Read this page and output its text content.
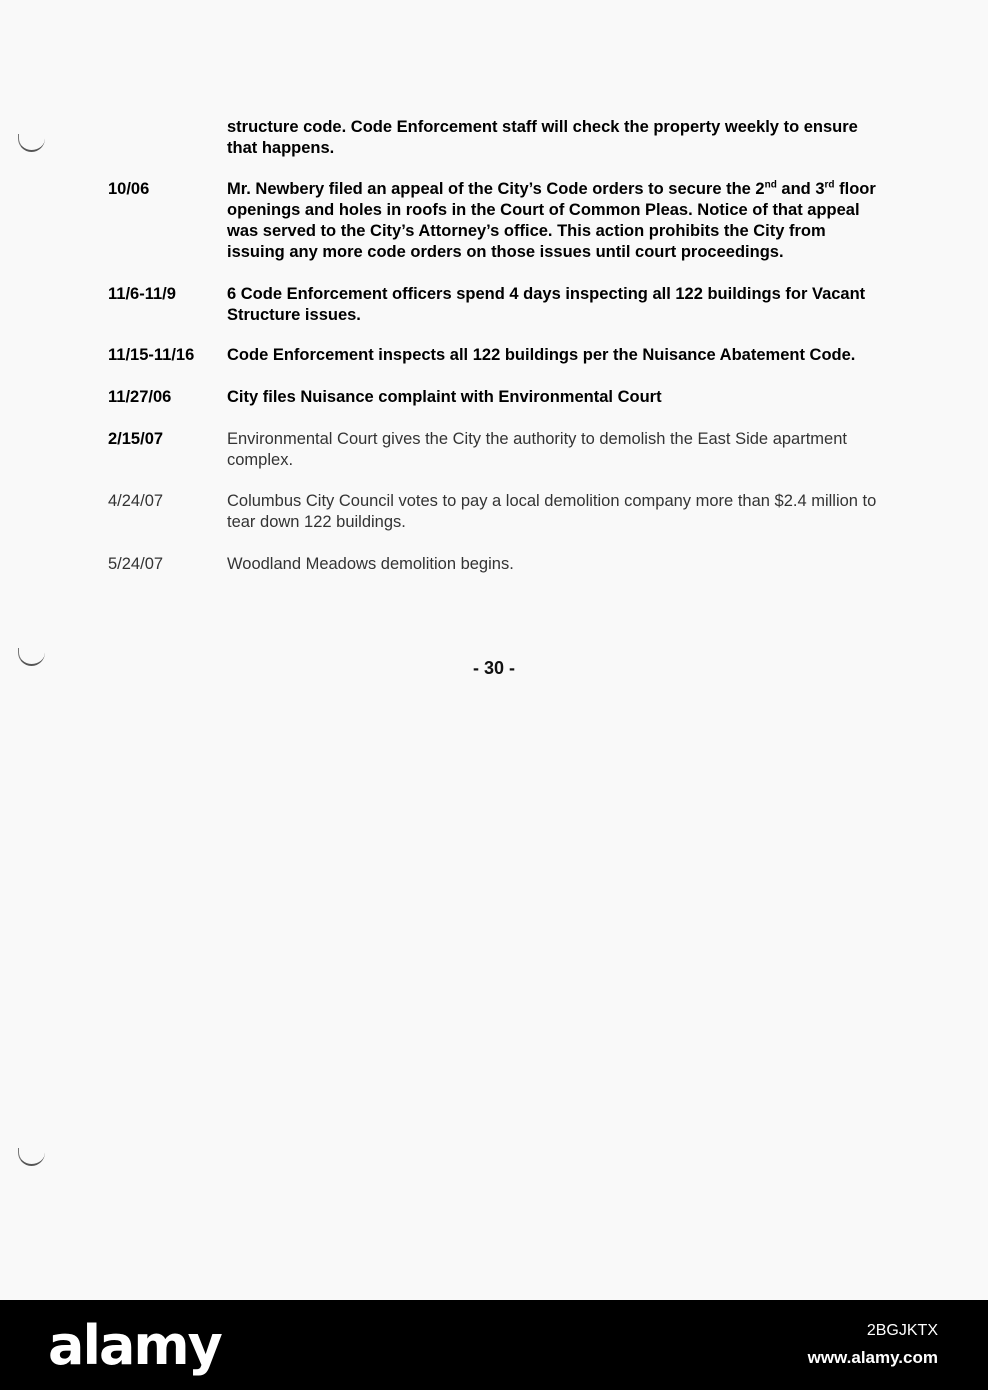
structure code. Code Enforcement staff will check the property weekly to ensure that happens.
10/06	Mr. Newbery filed an appeal of the City’s Code orders to secure the 2nd and 3rd floor openings and holes in roofs in the Court of Common Pleas. Notice of that appeal was served to the City’s Attorney’s office. This action prohibits the City from issuing any more code orders on those issues until court proceedings.
11/6-11/9	6 Code Enforcement officers spend 4 days inspecting all 122 buildings for Vacant Structure issues.
11/15-11/16 Code Enforcement inspects all 122 buildings per the Nuisance Abatement Code.
11/27/06	City files Nuisance complaint with Environmental Court
2/15/07	Environmental Court gives the City the authority to demolish the East Side apartment complex.
4/24/07	Columbus City Council votes to pay a local demolition company more than $2.4 million to tear down 122 buildings.
5/24/07	Woodland Meadows demolition begins.
- 30 -
alamy	2BGJKTX
www.alamy.com
